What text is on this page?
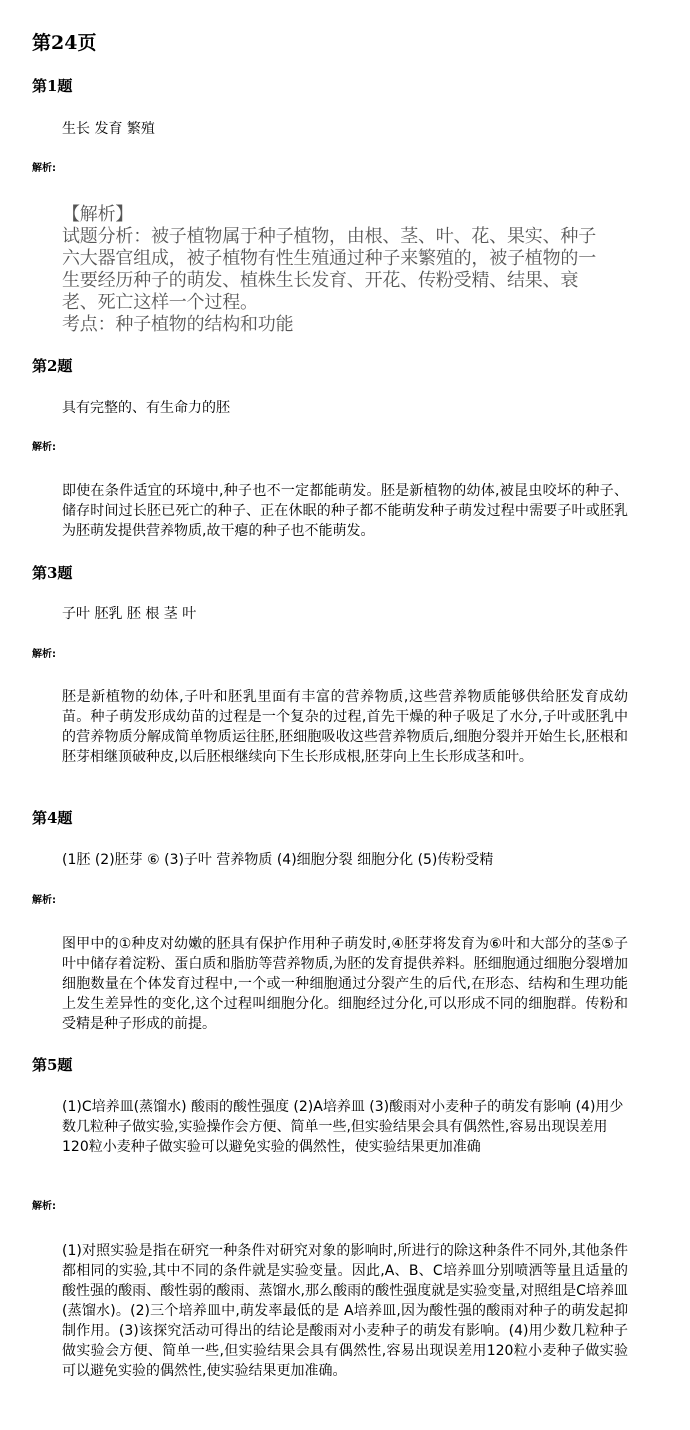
第24页
第1题
生长 发育 繁殖
解析:
【解析】
试题分析：被子植物属于种子植物，由根、茎、叶、花、果实、种子
六大器官组成，被子植物有性生殖通过种子来繁殖的，被子植物的一
生要经历种子的萌发、植株生长发育、开花、传粉受精、结果、衰
老、死亡这样一个过程。
考点：种子植物的结构和功能
第2题
具有完整的、有生命力的胚
解析:
即使在条件适宜的环境中,种子也不一定都能萌发。胚是新植物的幼体,被昆虫咬坏的种子、储存时间过长胚已死亡的种子、正在休眠的种子都不能萌发种子萌发过程中需要子叶或胚乳为胚萌发提供营养物质,故干瘪的种子也不能萌发。
第3题
子叶 胚乳 胚 根 茎 叶
解析:
胚是新植物的幼体,子叶和胚乳里面有丰富的营养物质,这些营养物质能够供给胚发育成幼苗。种子萌发形成幼苗的过程是一个复杂的过程,首先干燥的种子吸足了水分,子叶或胚乳中的营养物质分解成简单物质运往胚,胚细胞吸收这些营养物质后,细胞分裂并开始生长,胚根和胚芽相继顶破种皮,以后胚根继续向下生长形成根,胚芽向上生长形成茎和叶。
第4题
(1胚 (2)胚芽 ⑥ (3)子叶 营养物质 (4)细胞分裂 细胞分化 (5)传粉受精
解析:
图甲中的①种皮对幼嫩的胚具有保护作用种子萌发时,④胚芽将发育为⑥叶和大部分的茎⑤子叶中储存着淀粉、蛋白质和脂肪等营养物质,为胚的发育提供养料。胚细胞通过细胞分裂增加细胞数量在个体发育过程中,一个或一种细胞通过分裂产生的后代,在形态、结构和生理功能上发生差异性的变化,这个过程叫细胞分化。细胞经过分化,可以形成不同的细胞群。传粉和受精是种子形成的前提。
第5题
(1)C培养皿(蒸馏水) 酸雨的酸性强度 (2)A培养皿 (3)酸雨对小麦种子的萌发有影响 (4)用少数几粒种子做实验,实验操作会方便、简单一些,但实验结果会具有偶然性,容易出现误差用120粒小麦种子做实验可以避免实验的偶然性，使实验结果更加准确
解析:
(1)对照实验是指在研究一种条件对研究对象的影响时,所进行的除这种条件不同外,其他条件都相同的实验,其中不同的条件就是实验变量。因此,A、B、C培养皿分别喷洒等量且适量的酸性强的酸雨、酸性弱的酸雨、蒸馏水,那么酸雨的酸性强度就是实验变量,对照组是C培养皿(蒸馏水)。(2)三个培养皿中,萌发率最低的是 A培养皿,因为酸性强的酸雨对种子的萌发起抑制作用。(3)该探究活动可得出的结论是酸雨对小麦种子的萌发有影响。(4)用少数几粒种子做实验会方便、简单一些,但实验结果会具有偶然性,容易出现误差用120粒小麦种子做实验可以避免实验的偶然性,使实验结果更加准确。
